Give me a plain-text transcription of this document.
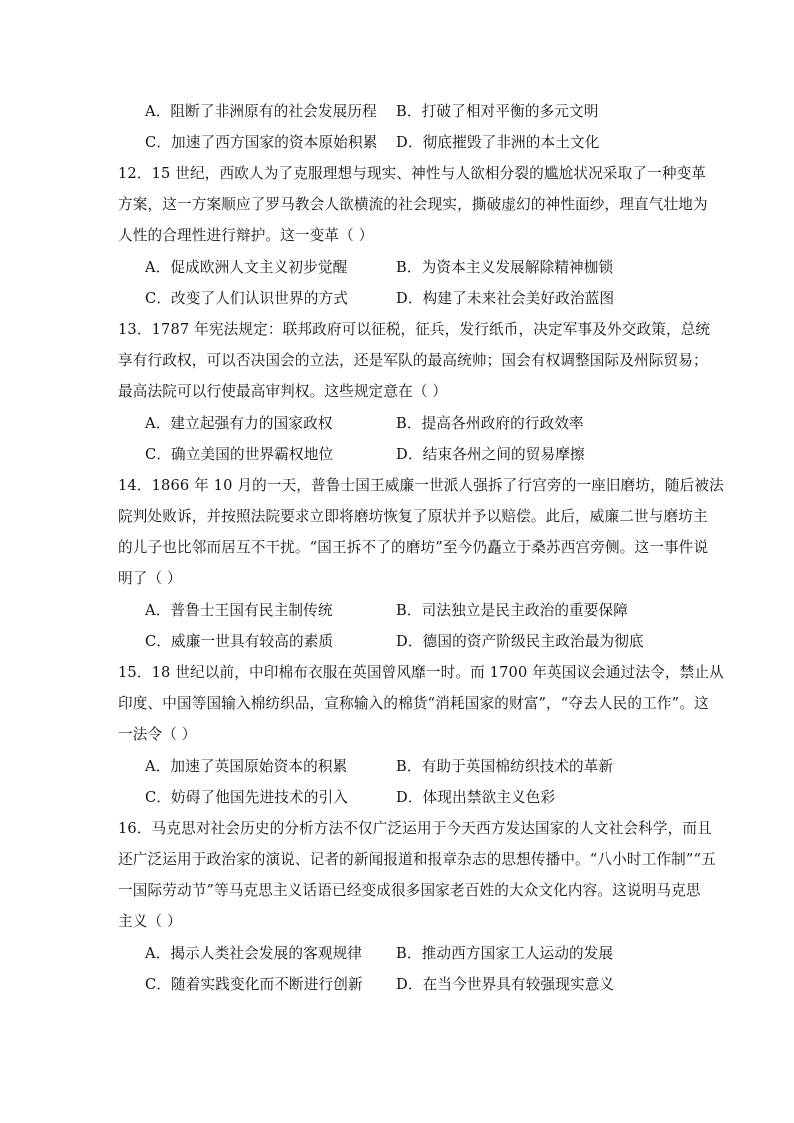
A．阻断了非洲原有的社会发展历程 B．打破了相对平衡的多元文明
C．加速了西方国家的资本原始积累 D．彻底摧毁了非洲的本土文化
12．15 世纪，西欧人为了克服理想与现实、神性与人欲相分裂的尴尬状况采取了一种变革
方案，这一方案顺应了罗马教会人欲横流的社会现实，撕破虚幻的神性面纱，理直气壮地为
人性的合理性进行辩护。这一变革（ ）
A．促成欧洲人文主义初步觉醒	B．为资本主义发展解除精神枷锁
C．改变了人们认识世界的方式	D．构建了未来社会美好政治蓝图
13．1787 年宪法规定：联邦政府可以征税，征兵，发行纸币，决定军事及外交政策，总统
享有行政权，可以否决国会的立法，还是军队的最高统帅；国会有权调整国际及州际贸易；
最高法院可以行使最高审判权。这些规定意在（ ）
A．建立起强有力的国家政权	B．提高各州政府的行政效率
C．确立美国的世界霸权地位	D．结束各州之间的贸易摩擦
14．1866 年 10 月的一天，普鲁士国王威廉一世派人强拆了行宫旁的一座旧磨坊，随后被法
院判处败诉，并按照法院要求立即将磨坊恢复了原状并予以赔偿。此后，威廉二世与磨坊主
的儿子也比邻而居互不干扰。“国王拆不了的磨坊”至今仍矗立于桑苏西宫旁侧。这一事件说
明了（ ）
A．普鲁士王国有民主制传统	B．司法独立是民主政治的重要保障
C．威廉一世具有较高的素质	D．德国的资产阶级民主政治最为彻底
15．18 世纪以前，中印棉布衣服在英国曾风靡一时。而 1700 年英国议会通过法令，禁止从
印度、中国等国输入棉纺织品，宣称输入的棉货“消耗国家的财富”，“夺去人民的工作”。这
一法令（ ）
A．加速了英国原始资本的积累	B．有助于英国棉纺织技术的革新
C．妨碍了他国先进技术的引入	D．体现出禁欲主义色彩
16．马克思对社会历史的分析方法不仅广泛运用于今天西方发达国家的人文社会科学，而且
还广泛运用于政治家的演说、记者的新闻报道和报章杂志的思想传播中。“八小时工作制”“五
一国际劳动节”等马克思主义话语已经变成很多国家老百姓的大众文化内容。这说明马克思
主义（ ）
A．揭示人类社会发展的客观规律 B．推动西方国家工人运动的发展
C．随着实践变化而不断进行创新 D．在当今世界具有较强现实意义
